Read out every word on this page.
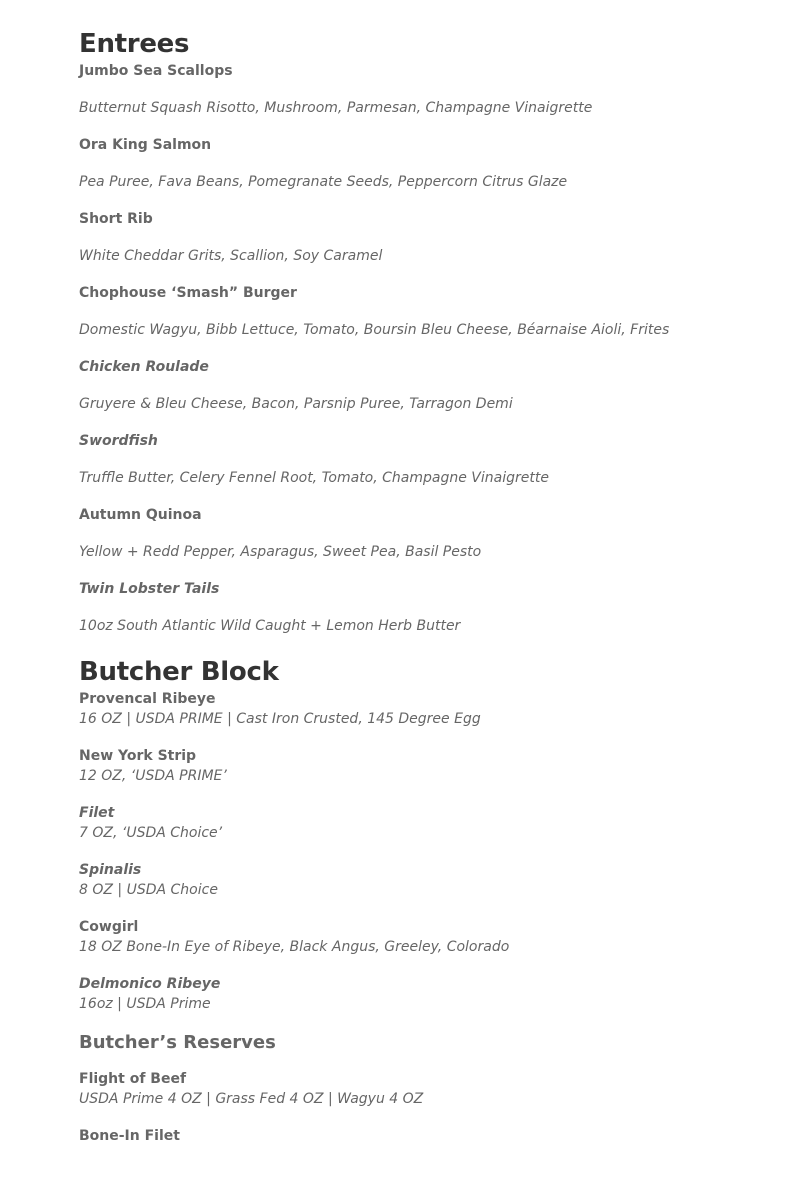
Entrees
Jumbo Sea Scallops
Butternut Squash Risotto, Mushroom, Parmesan, Champagne Vinaigrette
Ora King Salmon
Pea Puree, Fava Beans, Pomegranate Seeds, Peppercorn Citrus Glaze
Short Rib
White Cheddar Grits, Scallion, Soy Caramel
Chophouse ‘Smash” Burger
Domestic Wagyu, Bibb Lettuce, Tomato, Boursin Bleu Cheese, Béarnaise Aioli, Frites
Chicken Roulade
Gruyere & Bleu Cheese, Bacon, Parsnip Puree, Tarragon Demi
Swordfish
Truffle Butter, Celery Fennel Root, Tomato, Champagne Vinaigrette
Autumn Quinoa
Yellow + Redd Pepper, Asparagus, Sweet Pea, Basil Pesto
Twin Lobster Tails
10oz South Atlantic Wild Caught + Lemon Herb Butter
Butcher Block
Provencal Ribeye
16 OZ | USDA PRIME | Cast Iron Crusted, 145 Degree Egg
New York Strip
12 OZ, ‘USDA PRIME’
Filet
7 OZ, ‘USDA Choice’
Spinalis
8 OZ | USDA Choice
Cowgirl
18 OZ Bone-In Eye of Ribeye, Black Angus, Greeley, Colorado
Delmonico Ribeye
16oz | USDA Prime
Butcher’s Reserves
Flight of Beef
USDA Prime 4 OZ | Grass Fed 4 OZ | Wagyu 4 OZ
Bone-In Filet
